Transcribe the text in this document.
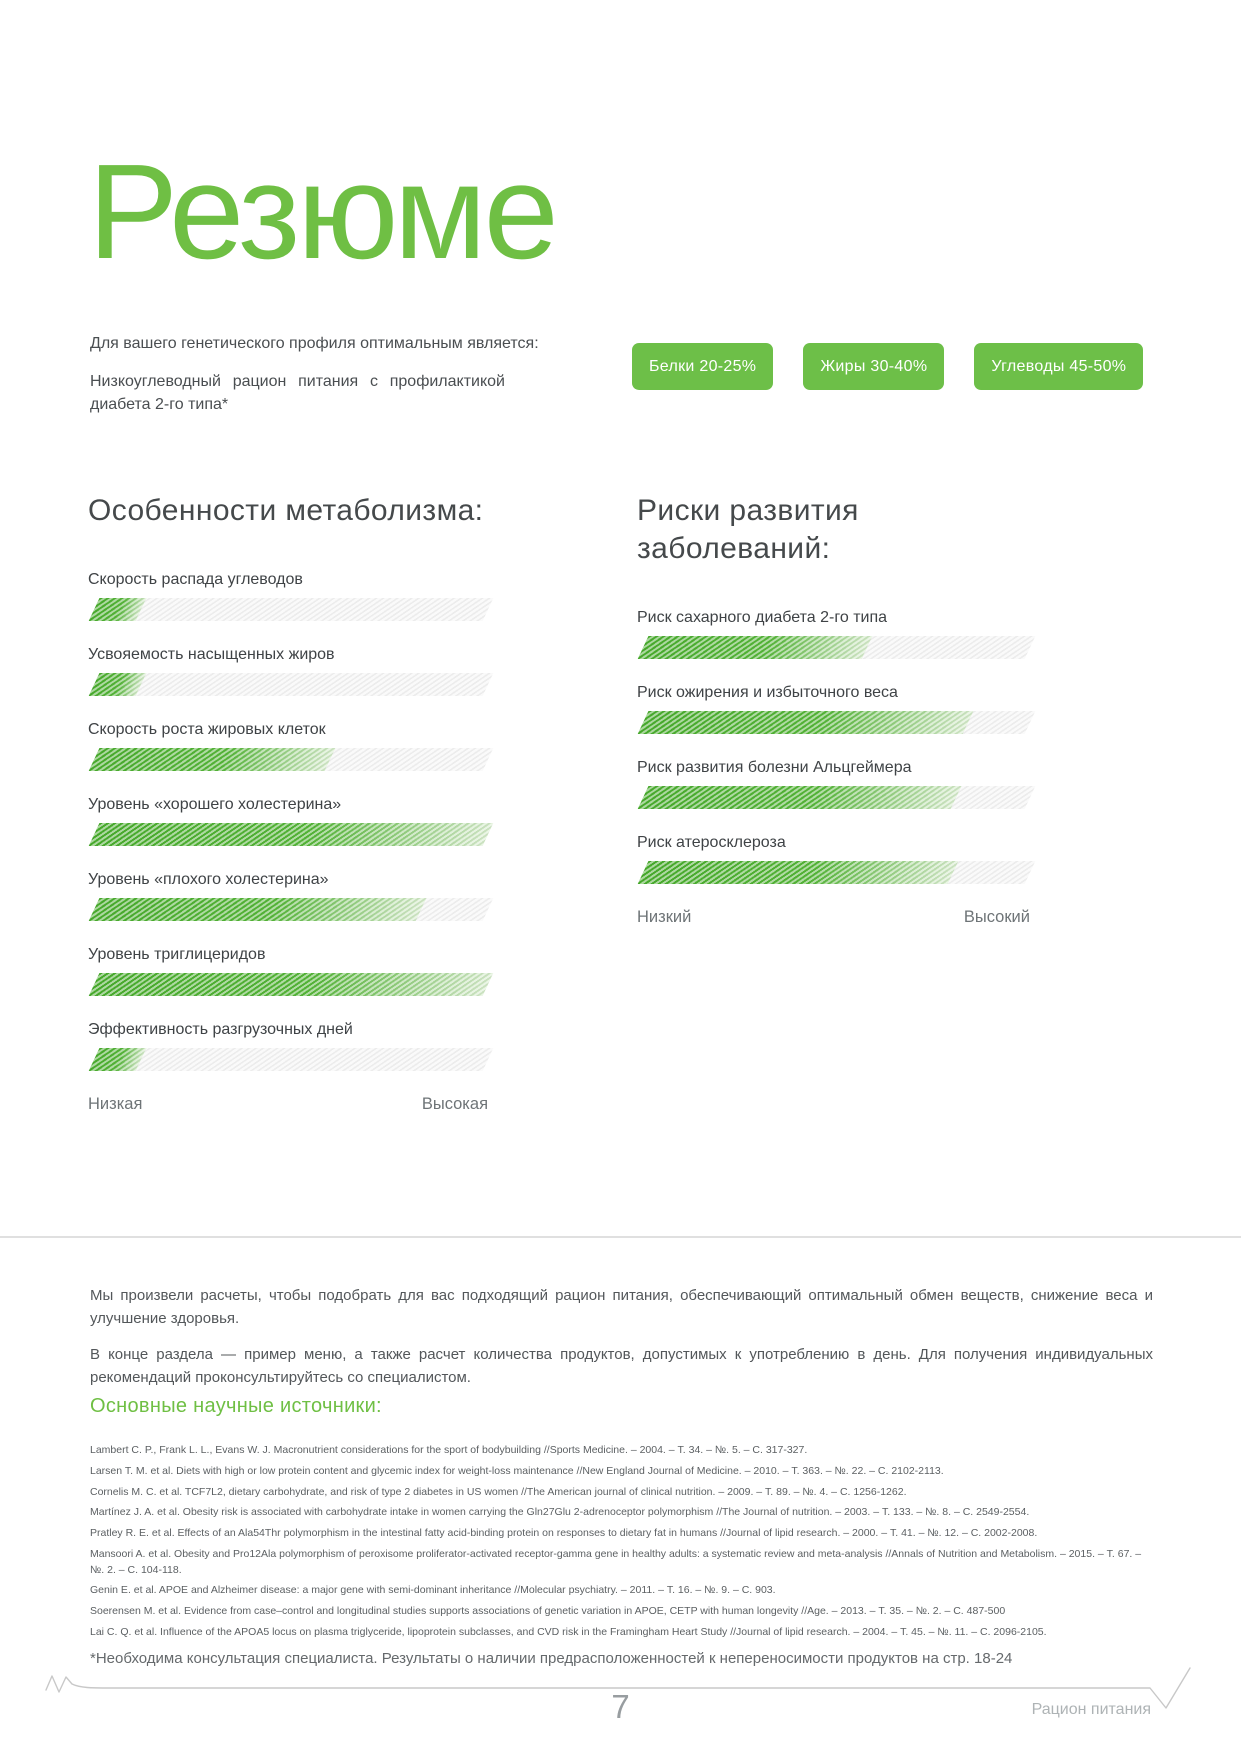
Резюме
Для вашего генетического профиля оптимальным является:
Низкоуглеводный рацион питания с профилактикой диабета 2-го типа*
Белки 20-25%	Жиры 30-40%	Углеводы 45-50%
Особенности метаболизма:
Скорость распада углеводов
Усвояемость насыщенных жиров
Скорость роста жировых клеток
Уровень «хорошего холестерина»
Уровень «плохого холестерина»
Уровень триглицеридов
Эффективность разгрузочных дней
Низкая	Высокая
Риски развития заболеваний:
Риск сахарного диабета 2-го типа
Риск ожирения и избыточного веса
Риск развития болезни Альцгеймера
Риск атеросклероза
Низкий	Высокий

Мы произвели расчеты, чтобы подобрать для вас подходящий рацион питания, обеспечивающий оптимальный обмен веществ, снижение веса и улучшение здоровья.

В конце раздела — пример меню, а также расчет количества продуктов, допустимых к употреблению в день. Для получения индивидуальных рекомендаций проконсультируйтесь со специалистом.

Основные научные источники:
Lambert C. P., Frank L. L., Evans W. J. Macronutrient considerations for the sport of bodybuilding //Sports Medicine. – 2004. – Т. 34. – №. 5. – С. 317-327.
Larsen T. M. et al. Diets with high or low protein content and glycemic index for weight-loss maintenance //New England Journal of Medicine. – 2010. – Т. 363. – №. 22. – С. 2102-2113.
Cornelis M. C. et al. TCF7L2, dietary carbohydrate, and risk of type 2 diabetes in US women //The American journal of clinical nutrition. – 2009. – Т. 89. – №. 4. – С. 1256-1262.
Martínez J. A. et al. Obesity risk is associated with carbohydrate intake in women carrying the Gln27Glu 2-adrenoceptor polymorphism //The Journal of nutrition. – 2003. – Т. 133. – №. 8. – С. 2549-2554.
Pratley R. E. et al. Effects of an Ala54Thr polymorphism in the intestinal fatty acid-binding protein on responses to dietary fat in humans //Journal of lipid research. – 2000. – Т. 41. – №. 12. – С. 2002-2008.
Mansoori A. et al. Obesity and Pro12Ala polymorphism of peroxisome proliferator-activated receptor-gamma gene in healthy adults: a systematic review and meta-analysis //Annals of Nutrition and Metabolism. – 2015. – Т. 67. – №. 2. – С. 104-118.
Genin E. et al. APOE and Alzheimer disease: a major gene with semi-dominant inheritance //Molecular psychiatry. – 2011. – Т. 16. – №. 9. – С. 903.
Soerensen M. et al. Evidence from case–control and longitudinal studies supports associations of genetic variation in APOE, CETP with human longevity //Age. – 2013. – Т. 35. – №. 2. – С. 487-500
Lai C. Q. et al. Influence of the APOA5 locus on plasma triglyceride, lipoprotein subclasses, and CVD risk in the Framingham Heart Study //Journal of lipid research. – 2004. – Т. 45. – №. 11. – С. 2096-2105.
*Необходима консультация специалиста. Результаты о наличии предрасположенностей к непереносимости продуктов на стр. 18-24
7	Рацион питания
